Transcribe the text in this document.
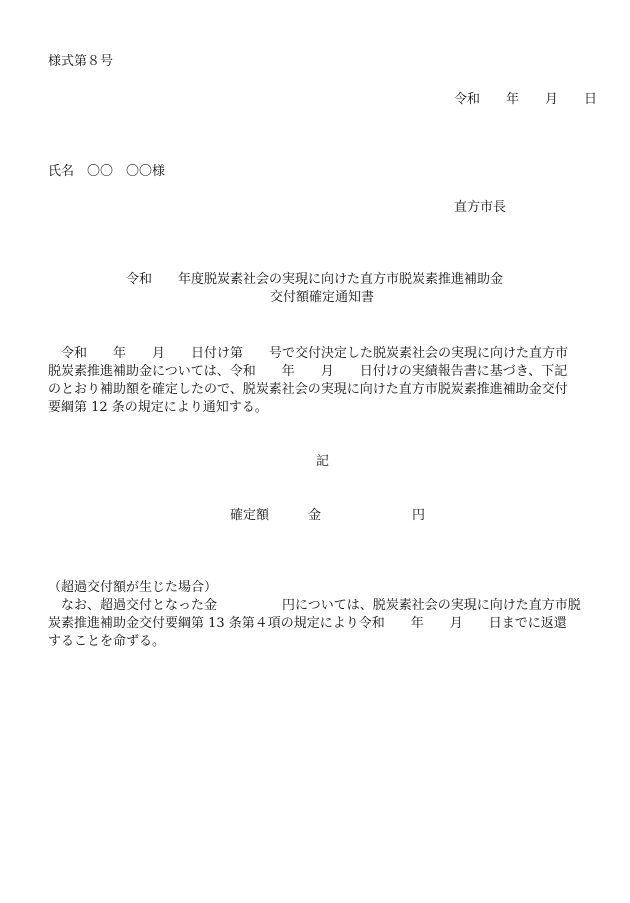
様式第８号
令和　　年　　月　　日
氏名　〇〇　〇〇様
直方市長
令和　　年度脱炭素社会の実現に向けた直方市脱炭素推進補助金
交付額確定通知書
　令和　　年　　月　　日付け第　　号で交付決定した脱炭素社会の実現に向けた直方市
脱炭素推進補助金については、令和　　年　　月　　日付けの実績報告書に基づき、下記
のとおり補助額を確定したので、脱炭素社会の実現に向けた直方市脱炭素推進補助金交付
要綱第 12 条の規定により通知する。
記
確定額　　　金　　　　　　　円
（超過交付額が生じた場合）
　なお、超過交付となった金　　　　　円については、脱炭素社会の実現に向けた直方市脱
炭素推進補助金交付要綱第 13 条第４項の規定により令和　　年　　月　　日までに返還
することを命ずる。
